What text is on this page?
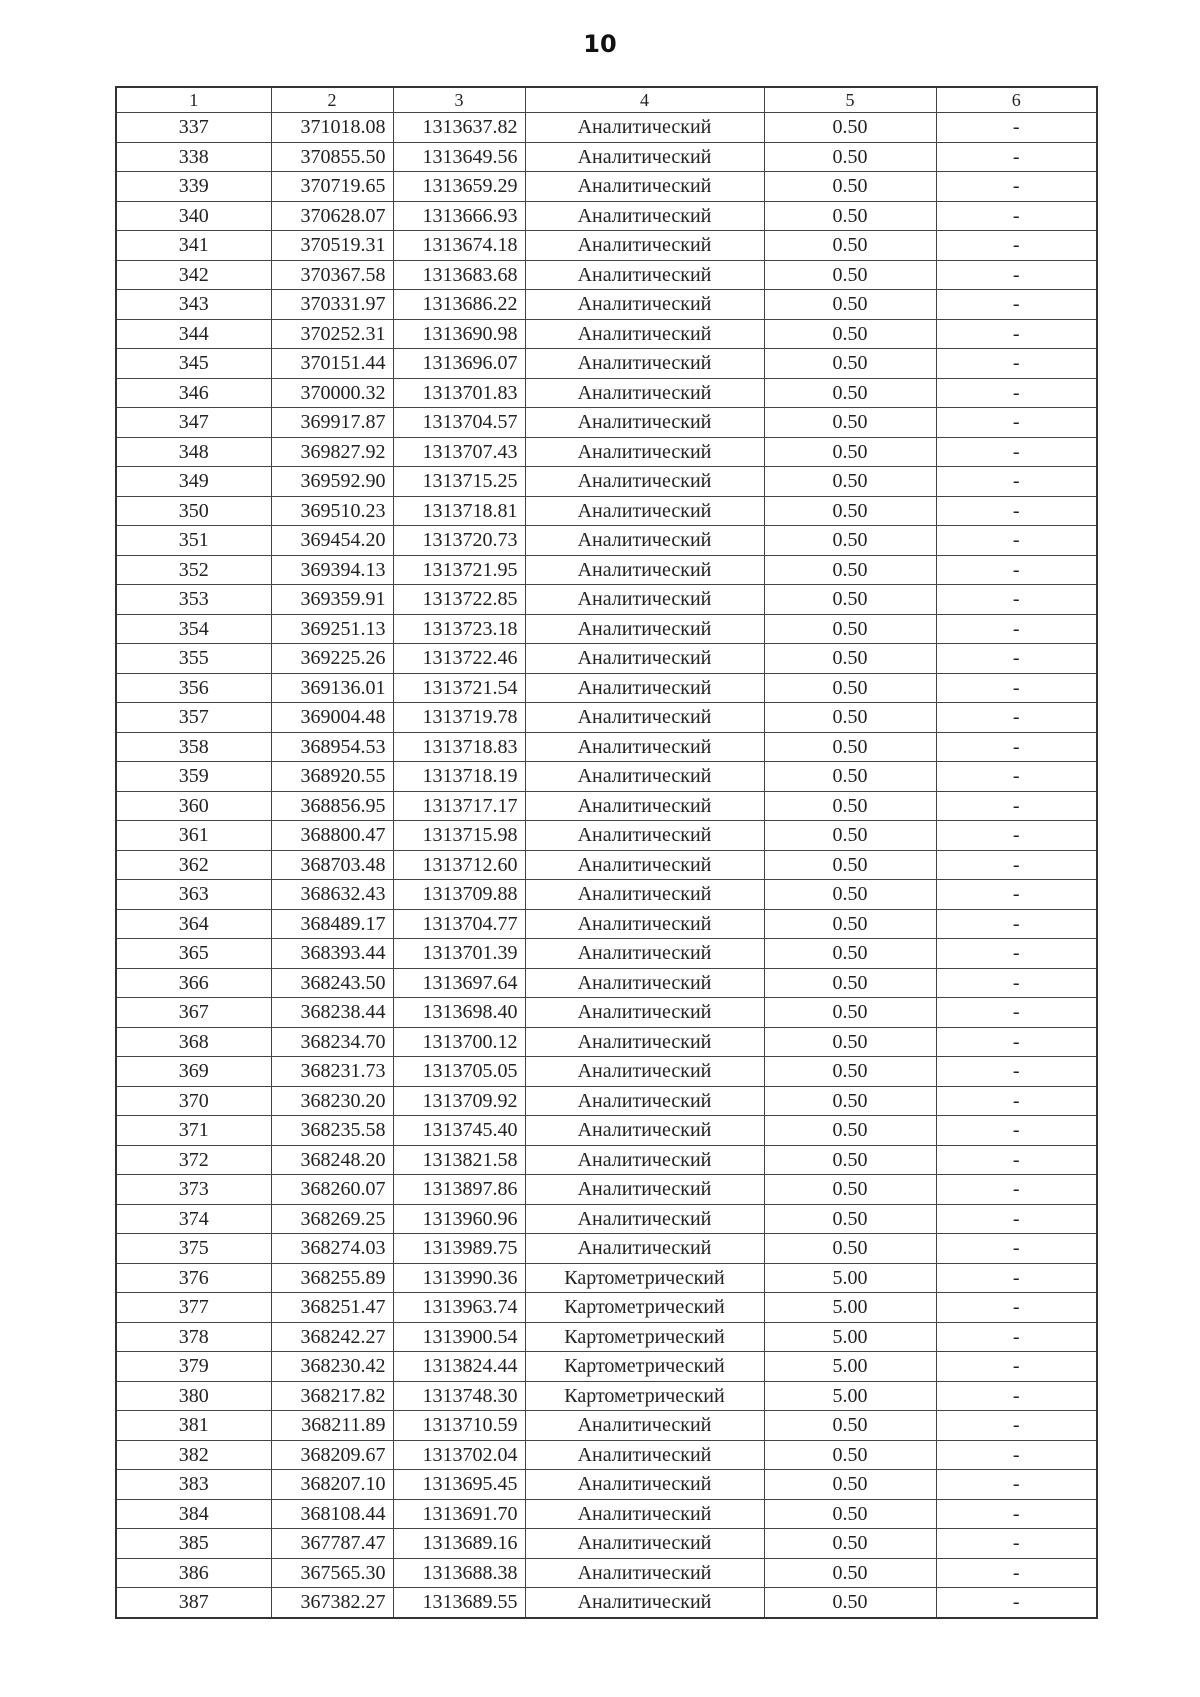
10
1	2	3	4	5	6
337	371018.08	1313637.82	Аналитический	0.50	-
338	370855.50	1313649.56	Аналитический	0.50	-
339	370719.65	1313659.29	Аналитический	0.50	-
340	370628.07	1313666.93	Аналитический	0.50	-
341	370519.31	1313674.18	Аналитический	0.50	-
342	370367.58	1313683.68	Аналитический	0.50	-
343	370331.97	1313686.22	Аналитический	0.50	-
344	370252.31	1313690.98	Аналитический	0.50	-
345	370151.44	1313696.07	Аналитический	0.50	-
346	370000.32	1313701.83	Аналитический	0.50	-
347	369917.87	1313704.57	Аналитический	0.50	-
348	369827.92	1313707.43	Аналитический	0.50	-
349	369592.90	1313715.25	Аналитический	0.50	-
350	369510.23	1313718.81	Аналитический	0.50	-
351	369454.20	1313720.73	Аналитический	0.50	-
352	369394.13	1313721.95	Аналитический	0.50	-
353	369359.91	1313722.85	Аналитический	0.50	-
354	369251.13	1313723.18	Аналитический	0.50	-
355	369225.26	1313722.46	Аналитический	0.50	-
356	369136.01	1313721.54	Аналитический	0.50	-
357	369004.48	1313719.78	Аналитический	0.50	-
358	368954.53	1313718.83	Аналитический	0.50	-
359	368920.55	1313718.19	Аналитический	0.50	-
360	368856.95	1313717.17	Аналитический	0.50	-
361	368800.47	1313715.98	Аналитический	0.50	-
362	368703.48	1313712.60	Аналитический	0.50	-
363	368632.43	1313709.88	Аналитический	0.50	-
364	368489.17	1313704.77	Аналитический	0.50	-
365	368393.44	1313701.39	Аналитический	0.50	-
366	368243.50	1313697.64	Аналитический	0.50	-
367	368238.44	1313698.40	Аналитический	0.50	-
368	368234.70	1313700.12	Аналитический	0.50	-
369	368231.73	1313705.05	Аналитический	0.50	-
370	368230.20	1313709.92	Аналитический	0.50	-
371	368235.58	1313745.40	Аналитический	0.50	-
372	368248.20	1313821.58	Аналитический	0.50	-
373	368260.07	1313897.86	Аналитический	0.50	-
374	368269.25	1313960.96	Аналитический	0.50	-
375	368274.03	1313989.75	Аналитический	0.50	-
376	368255.89	1313990.36	Картометрический	5.00	-
377	368251.47	1313963.74	Картометрический	5.00	-
378	368242.27	1313900.54	Картометрический	5.00	-
379	368230.42	1313824.44	Картометрический	5.00	-
380	368217.82	1313748.30	Картометрический	5.00	-
381	368211.89	1313710.59	Аналитический	0.50	-
382	368209.67	1313702.04	Аналитический	0.50	-
383	368207.10	1313695.45	Аналитический	0.50	-
384	368108.44	1313691.70	Аналитический	0.50	-
385	367787.47	1313689.16	Аналитический	0.50	-
386	367565.30	1313688.38	Аналитический	0.50	-
387	367382.27	1313689.55	Аналитический	0.50	-
